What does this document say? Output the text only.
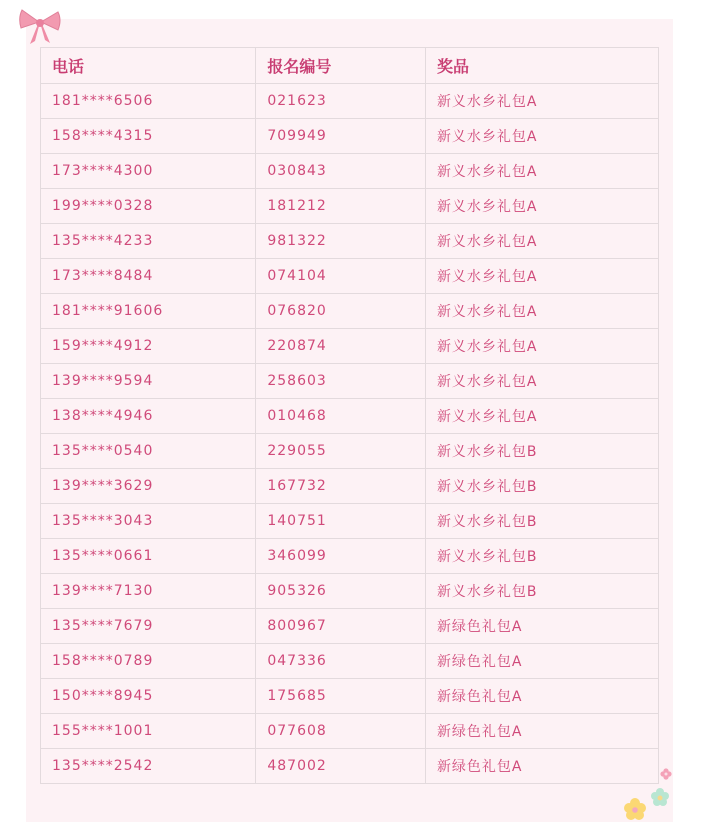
电话	报名编号	奖品
181****6506	021623	新义水乡礼包A
158****4315	709949	新义水乡礼包A
173****4300	030843	新义水乡礼包A
199****0328	181212	新义水乡礼包A
135****4233	981322	新义水乡礼包A
173****8484	074104	新义水乡礼包A
181****91606	076820	新义水乡礼包A
159****4912	220874	新义水乡礼包A
139****9594	258603	新义水乡礼包A
138****4946	010468	新义水乡礼包A
135****0540	229055	新义水乡礼包B
139****3629	167732	新义水乡礼包B
135****3043	140751	新义水乡礼包B
135****0661	346099	新义水乡礼包B
139****7130	905326	新义水乡礼包B
135****7679	800967	新绿色礼包A
158****0789	047336	新绿色礼包A
150****8945	175685	新绿色礼包A
155****1001	077608	新绿色礼包A
135****2542	487002	新绿色礼包A
